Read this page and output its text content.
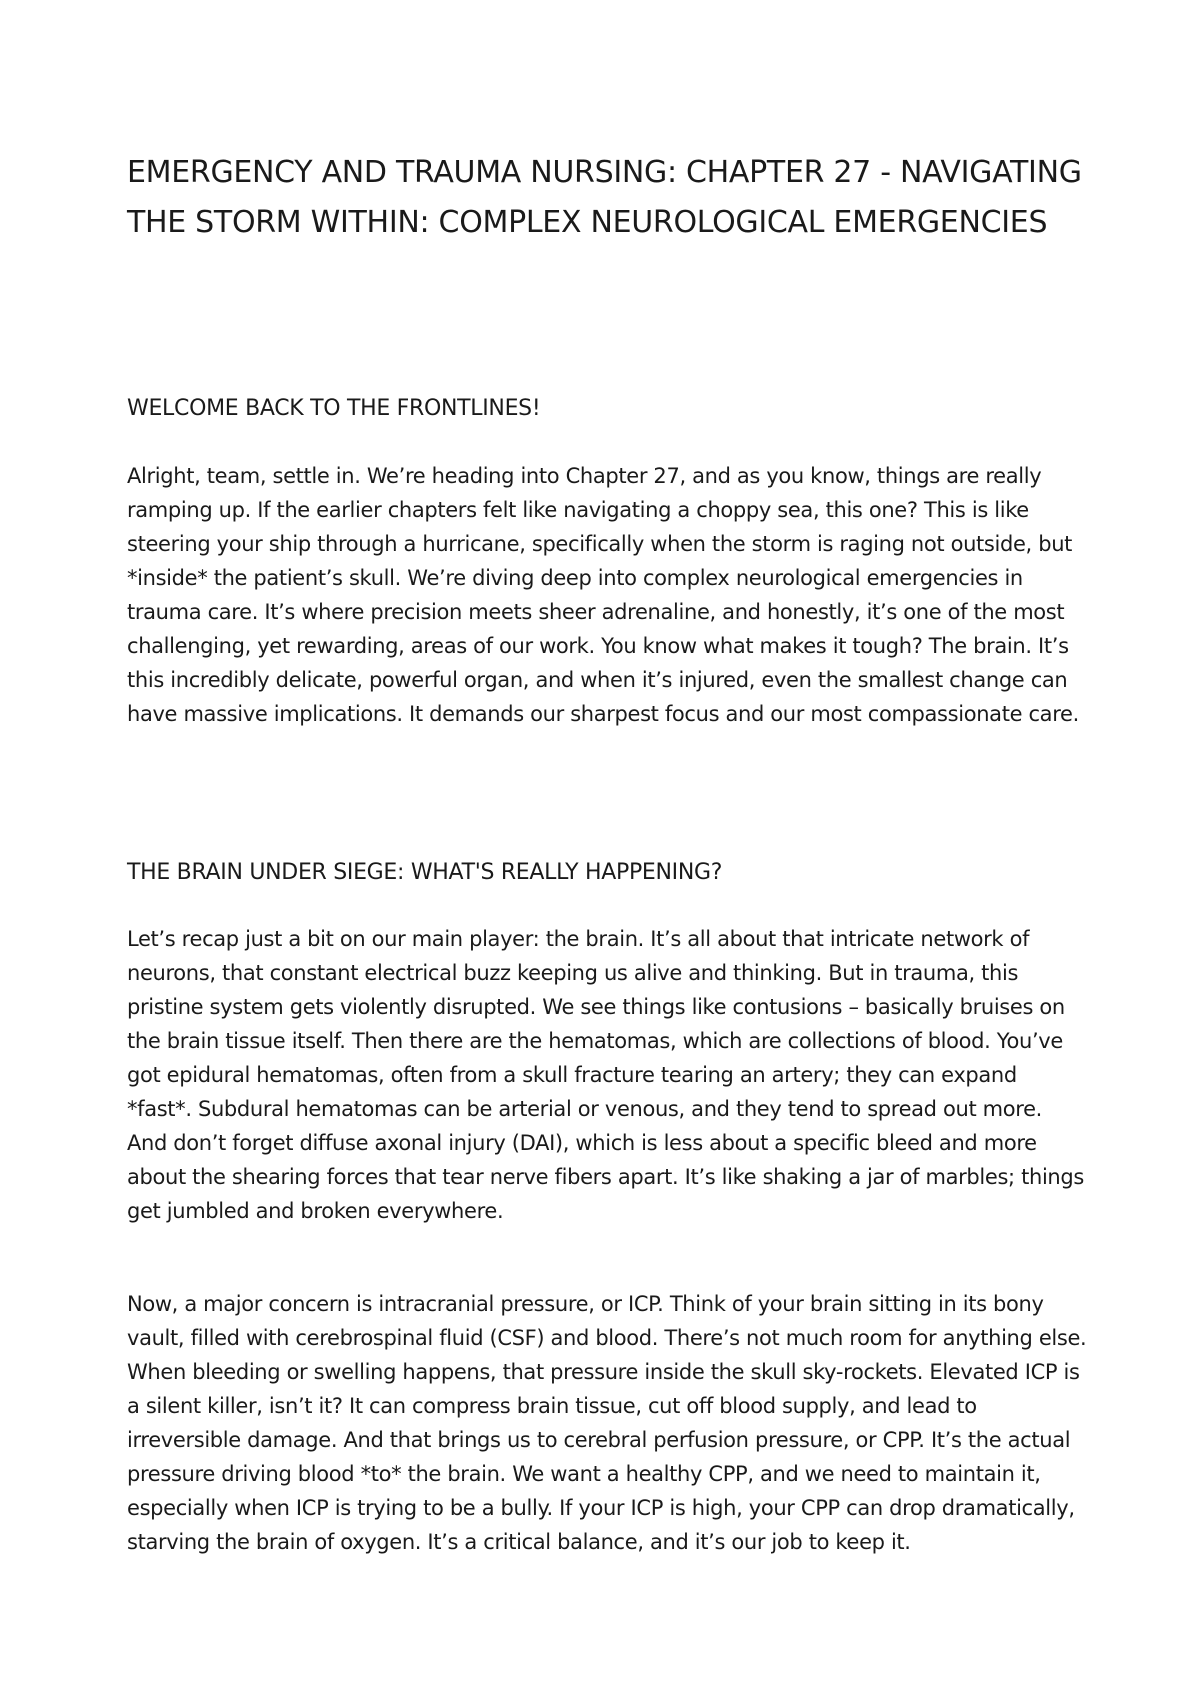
EMERGENCY AND TRAUMA NURSING: CHAPTER 27 - NAVIGATING THE STORM WITHIN: COMPLEX NEUROLOGICAL EMERGENCIES
WELCOME BACK TO THE FRONTLINES!

Alright, team, settle in. We’re heading into Chapter 27, and as you know, things are really ramping up. If the earlier chapters felt like navigating a choppy sea, this one? This is like steering your ship through a hurricane, specifically when the storm is raging not outside, but *inside* the patient’s skull. We’re diving deep into complex neurological emergencies in trauma care. It’s where precision meets sheer adrenaline, and honestly, it’s one of the most challenging, yet rewarding, areas of our work. You know what makes it tough? The brain. It’s this incredibly delicate, powerful organ, and when it’s injured, even the smallest change can have massive implications. It demands our sharpest focus and our most compassionate care.

THE BRAIN UNDER SIEGE: WHAT'S REALLY HAPPENING?

Let’s recap just a bit on our main player: the brain. It’s all about that intricate network of neurons, that constant electrical buzz keeping us alive and thinking. But in trauma, this pristine system gets violently disrupted. We see things like contusions – basically bruises on the brain tissue itself. Then there are the hematomas, which are collections of blood. You’ve got epidural hematomas, often from a skull fracture tearing an artery; they can expand *fast*. Subdural hematomas can be arterial or venous, and they tend to spread out more. And don’t forget diffuse axonal injury (DAI), which is less about a specific bleed and more about the shearing forces that tear nerve fibers apart. It’s like shaking a jar of marbles; things get jumbled and broken everywhere.

Now, a major concern is intracranial pressure, or ICP. Think of your brain sitting in its bony vault, filled with cerebrospinal fluid (CSF) and blood. There’s not much room for anything else. When bleeding or swelling happens, that pressure inside the skull sky-rockets. Elevated ICP is a silent killer, isn’t it? It can compress brain tissue, cut off blood supply, and lead to irreversible damage. And that brings us to cerebral perfusion pressure, or CPP. It’s the actual pressure driving blood *to* the brain. We want a healthy CPP, and we need to maintain it, especially when ICP is trying to be a bully. If your ICP is high, your CPP can drop dramatically, starving the brain of oxygen. It’s a critical balance, and it’s our job to keep it.
